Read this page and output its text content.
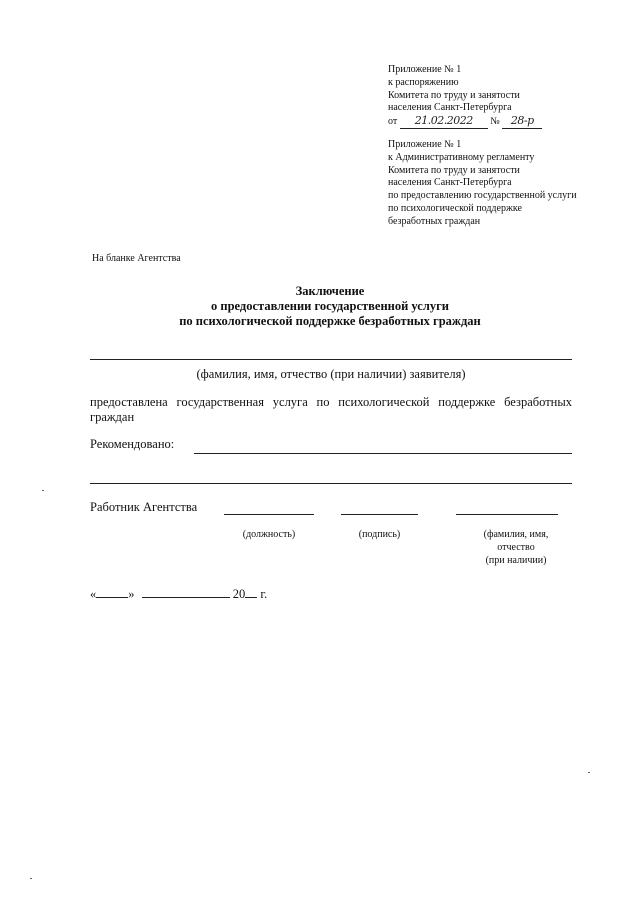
Приложение № 1
к распоряжению
Комитета по труду и занятости
населения Санкт-Петербурга
от 21.02.2022 № 28-р
Приложение № 1
к Административному регламенту
Комитета по труду и занятости
населения Санкт-Петербурга
по предоставлению государственной услуги
по психологической поддержке
безработных граждан
На бланке Агентства
Заключение
о предоставлении государственной услуги
по психологической поддержке безработных граждан
(фамилия, имя, отчество (при наличии) заявителя)
предоставлена государственная услуга по психологической поддержке безработных
граждан
Рекомендовано:
Работник Агентства
(должность)	(подпись)	(фамилия, имя,
отчество
(при наличии)
«	»	20 г.
